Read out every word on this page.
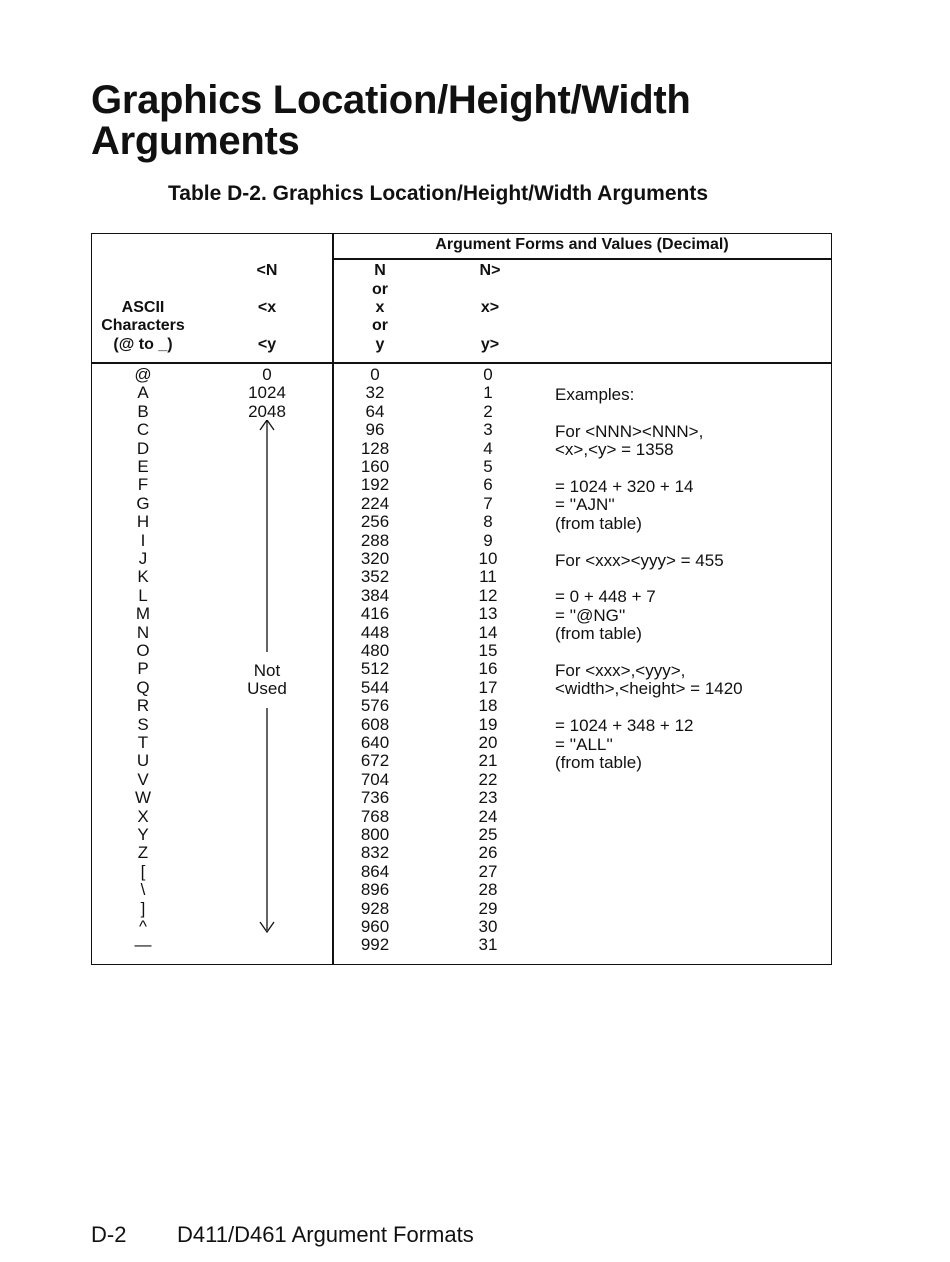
Graphics Location/Height/Width Arguments
Table D-2. Graphics Location/Height/Width Arguments
Argument Forms and Values (Decimal)
ASCII
Characters
(@ to _)
<N
<x
<y
N
or
x
or
y
N>
x>
y>
@
A
B
C
D
E
F
G
H
I
J
K
L
M
N
O
P
Q
R
S
T
U
V
W
X
Y
Z
[
\
]
^
—
0
1024
2048
0
32
64
96
128
160
192
224
256
288
320
352
384
416
448
480
512
544
576
608
640
672
704
736
768
800
832
864
896
928
960
992
0
1
2
3
4
5
6
7
8
9
10
11
12
13
14
15
16
17
18
19
20
21
22
23
24
25
26
27
28
29
30
31
Not
Used
Examples:
For <NNN><NNN>,
<x>,<y> = 1358
= 1024 + 320 + 14
= ''AJN''
(from table)
For <xxx><yyy> = 455
= 0 + 448 + 7
= ''@NG''
(from table)
For <xxx>,<yyy>,
<width>,<height> = 1420
= 1024 + 348 + 12
= ''ALL''
(from table)
D-2 D411/D461 Argument Formats
